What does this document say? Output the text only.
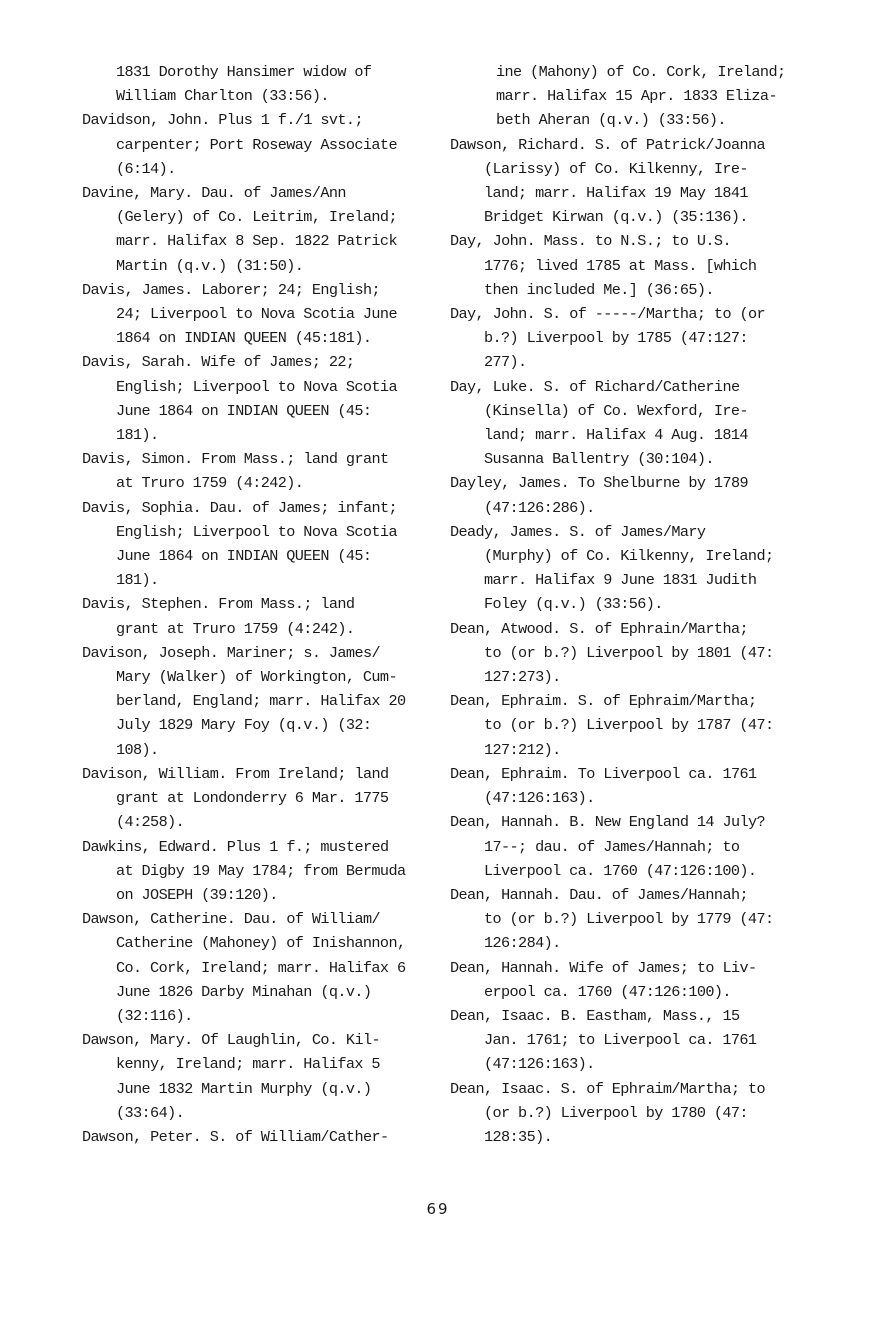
1831 Dorothy Hansimer widow of
William Charlton (33:56).

Davidson, John. Plus 1 f./1 svt.;
carpenter; Port Roseway Associate
(6:14).

Davine, Mary. Dau. of James/Ann
(Gelery) of Co. Leitrim, Ireland;
marr. Halifax 8 Sep. 1822 Patrick
Martin (q.v.) (31:50).

Davis, James. Laborer; 24; English;
24; Liverpool to Nova Scotia June
1864 on INDIAN QUEEN (45:181).

Davis, Sarah. Wife of James; 22;
English; Liverpool to Nova Scotia
June 1864 on INDIAN QUEEN (45:
181).

Davis, Simon. From Mass.; land grant
at Truro 1759 (4:242).

Davis, Sophia. Dau. of James; infant;
English; Liverpool to Nova Scotia
June 1864 on INDIAN QUEEN (45:
181).

Davis, Stephen. From Mass.; land
grant at Truro 1759 (4:242).

Davison, Joseph. Mariner; s. James/
Mary (Walker) of Workington, Cum-
berland, England; marr. Halifax 20
July 1829 Mary Foy (q.v.) (32:
108).

Davison, William. From Ireland; land
grant at Londonderry 6 Mar. 1775
(4:258).

Dawkins, Edward. Plus 1 f.; mustered
at Digby 19 May 1784; from Bermuda
on JOSEPH (39:120).

Dawson, Catherine. Dau. of William/
Catherine (Mahoney) of Inishannon,
Co. Cork, Ireland; marr. Halifax 6
June 1826 Darby Minahan (q.v.)
(32:116).

Dawson, Mary. Of Laughlin, Co. Kil-
kenny, Ireland; marr. Halifax 5
June 1832 Martin Murphy (q.v.)
(33:64).

Dawson, Peter. S. of William/Cather-

ine (Mahony) of Co. Cork, Ireland;
marr. Halifax 15 Apr. 1833 Eliza-
beth Aheran (q.v.) (33:56).

Dawson, Richard. S. of Patrick/Joanna
(Larissy) of Co. Kilkenny, Ire-
land; marr. Halifax 19 May 1841
Bridget Kirwan (q.v.) (35:136).

Day, John. Mass. to N.S.; to U.S.
1776; lived 1785 at Mass. [which
then included Me.] (36:65).

Day, John. S. of -----/Martha; to (or
b.?) Liverpool by 1785 (47:127:
277).

Day, Luke. S. of Richard/Catherine
(Kinsella) of Co. Wexford, Ire-
land; marr. Halifax 4 Aug. 1814
Susanna Ballentry (30:104).

Dayley, James. To Shelburne by 1789
(47:126:286).

Deady, James. S. of James/Mary
(Murphy) of Co. Kilkenny, Ireland;
marr. Halifax 9 June 1831 Judith
Foley (q.v.) (33:56).

Dean, Atwood. S. of Ephrain/Martha;
to (or b.?) Liverpool by 1801 (47:
127:273).

Dean, Ephraim. S. of Ephraim/Martha;
to (or b.?) Liverpool by 1787 (47:
127:212).

Dean, Ephraim. To Liverpool ca. 1761
(47:126:163).

Dean, Hannah. B. New England 14 July?
17--; dau. of James/Hannah; to
Liverpool ca. 1760 (47:126:100).

Dean, Hannah. Dau. of James/Hannah;
to (or b.?) Liverpool by 1779 (47:
126:284).

Dean, Hannah. Wife of James; to Liv-
erpool ca. 1760 (47:126:100).

Dean, Isaac. B. Eastham, Mass., 15
Jan. 1761; to Liverpool ca. 1761
(47:126:163).

Dean, Isaac. S. of Ephraim/Martha; to
(or b.?) Liverpool by 1780 (47:
128:35).

69
